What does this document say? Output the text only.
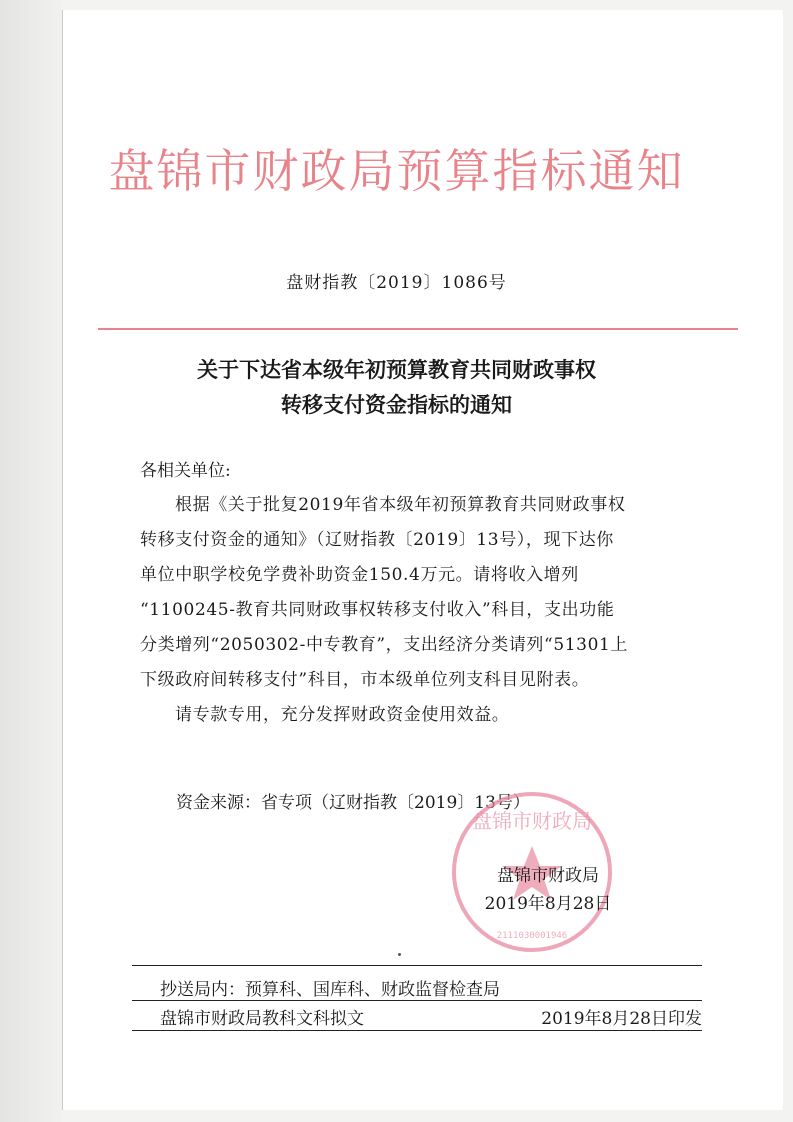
盘锦市财政局预算指标通知
盘财指教〔2019〕1086号
关于下达省本级年初预算教育共同财政事权
转移支付资金指标的通知
各相关单位:

根据《关于批复2019年省本级年初预算教育共同财政事权

转移支付资金的通知》（辽财指教〔2019〕13号），现下达你

单位中职学校免学费补助资金150.4万元。请将收入增列

“1100245-教育共同财政事权转移支付收入”科目，支出功能

分类增列“2050302-中专教育”，支出经济分类请列“51301上

下级政府间转移支付”科目，市本级单位列支科目见附表。

请专款专用，充分发挥财政资金使用效益。

资金来源：省专项（辽财指教〔2019〕13号）
盘锦市财政局
2111030001946
盘锦市财政局
2019年8月28日
抄送局内：预算科、国库科、财政监督检查局
盘锦市财政局教科文科拟文	2019年8月28日印发
